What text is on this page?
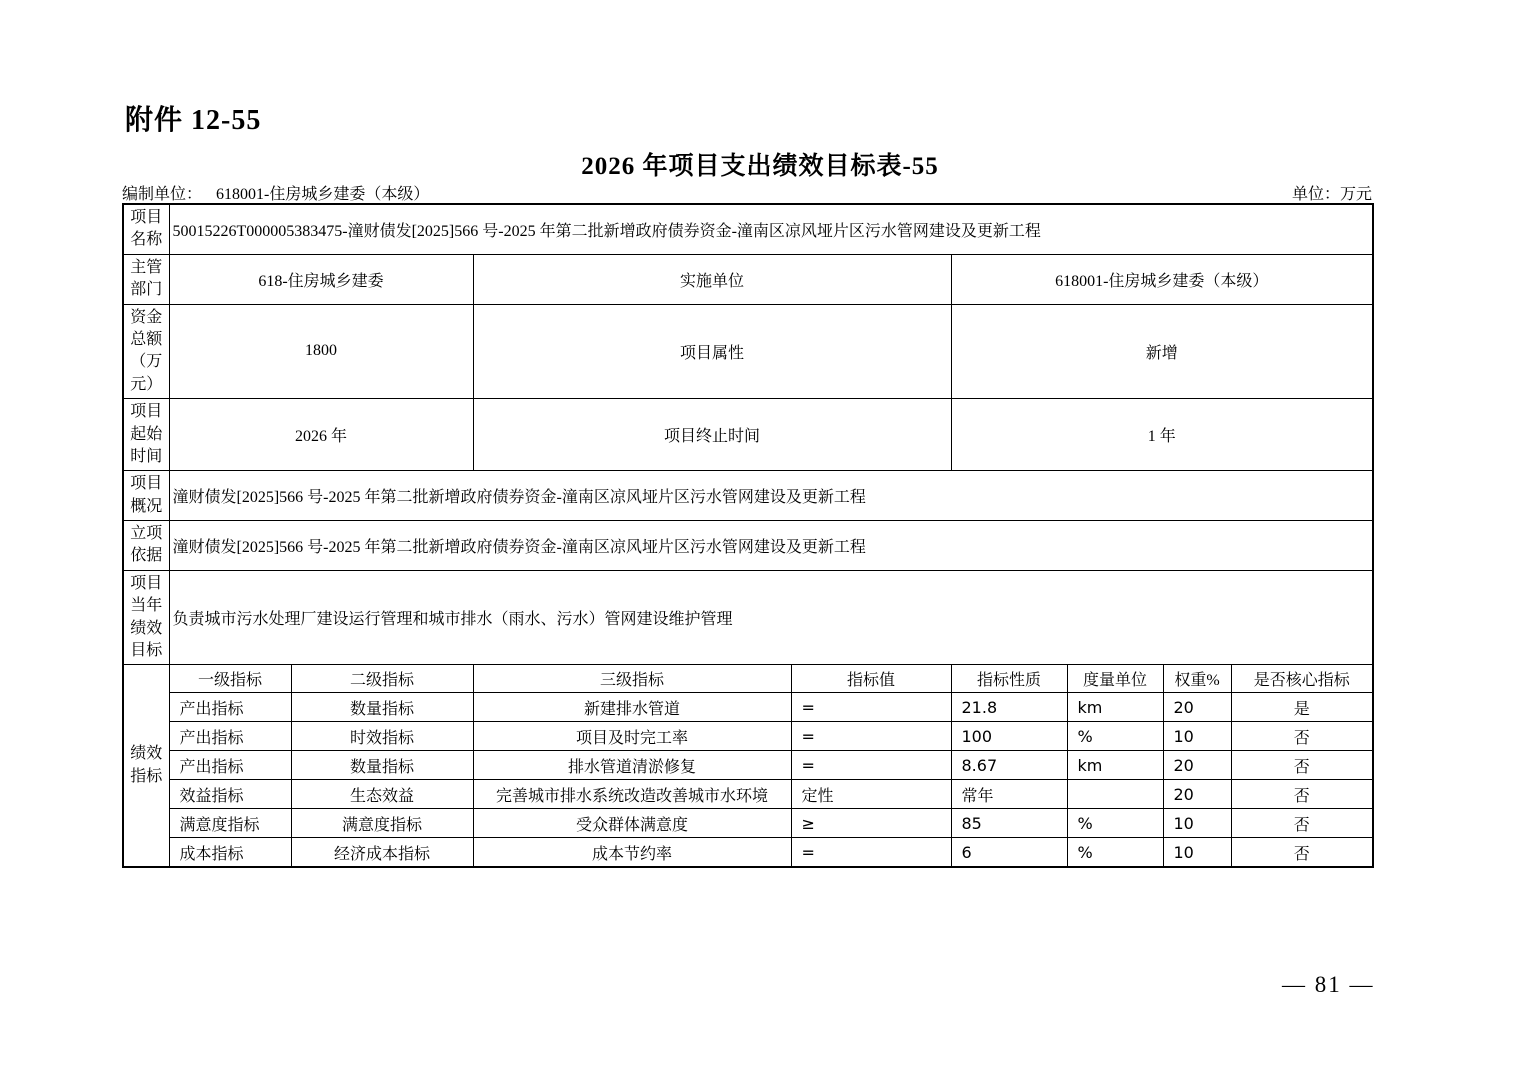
附件 12-55
2026 年项目支出绩效目标表-55
编制单位： 618001-住房城乡建委（本级）	单位：万元
项目名称	50015226T000005383475-潼财债发[2025]566 号-2025 年第二批新增政府债券资金-潼南区凉风垭片区污水管网建设及更新工程							
主管部门	618-住房城乡建委		实施单位		618001-住房城乡建委（本级）			
资金总额（万元）	1800		项目属性		新增			
项目起始时间	2026 年		项目终止时间		1 年			
项目概况	潼财债发[2025]566 号-2025 年第二批新增政府债券资金-潼南区凉风垭片区污水管网建设及更新工程							
立项依据	潼财债发[2025]566 号-2025 年第二批新增政府债券资金-潼南区凉风垭片区污水管网建设及更新工程							
项目当年绩效目标	负责城市污水处理厂建设运行管理和城市排水（雨水、污水）管网建设维护管理							
绩效指标	一级指标	二级指标	三级指标	指标值	指标性质	度量单位	权重%	是否核心指标
	产出指标	数量指标	新建排水管道	=	21.8	km	20	是
	产出指标	时效指标	项目及时完工率	=	100	%	10	否
	产出指标	数量指标	排水管道清淤修复	=	8.67	km	20	否
	效益指标	生态效益	完善城市排水系统改造改善城市水环境	定性	常年		20	否
	满意度指标	满意度指标	受众群体满意度	≥	85	%	10	否
	成本指标	经济成本指标	成本节约率	=	6	%	10	否
— 81 —
